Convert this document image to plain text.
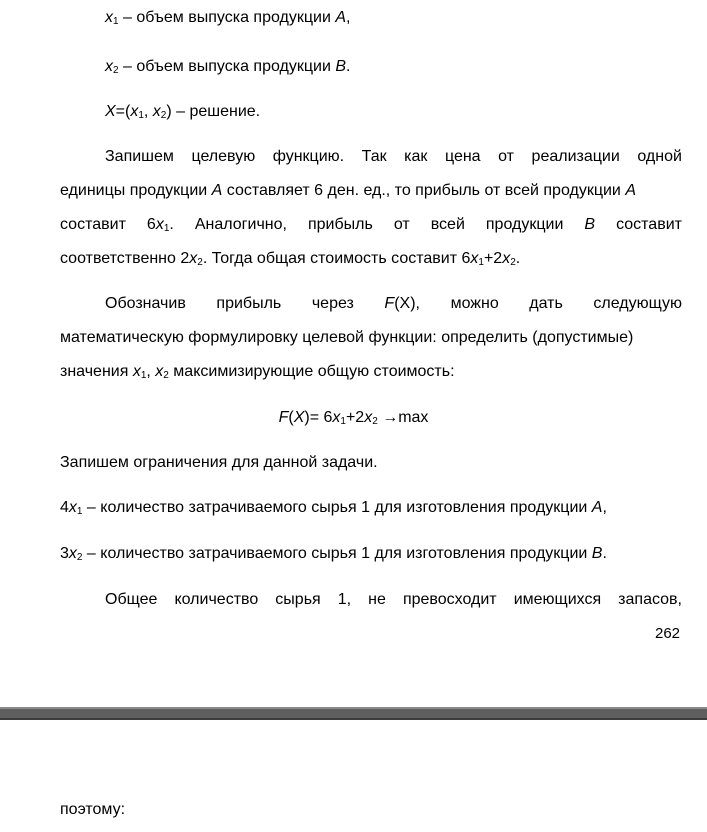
$x_1$ – объем выпуска продукции A,
$x_2$ – объем выпуска продукции B.
$X=(x_1$, $x_2$) – решение.
Запишем целевую функцию. Так как цена от реализации одной
единицы продукции A составляет 6 ден. ед., то прибыль от всей продукции A
составит $6x_1$. Аналогично, прибыль от всей продукции B составит
соответственно $2x_2$. Тогда общая стоимость составит $6x_1+2x_2$.
Обозначив прибыль через F(X), можно дать следующую
математическую формулировку целевой функции: определить (допустимые)
значения $x_1$, $x_2$ максимизирующие общую стоимость:
$F(X)= 6x_1+2x_2 \to\max$
Запишем ограничения для данной задачи.
$4x_1$ – количество затрачиваемого сырья 1 для изготовления продукции A,
$3x_2$ – количество затрачиваемого сырья 1 для изготовления продукции B.
Общее количество сырья 1, не превосходит имеющихся запасов,
262
поэтому:
